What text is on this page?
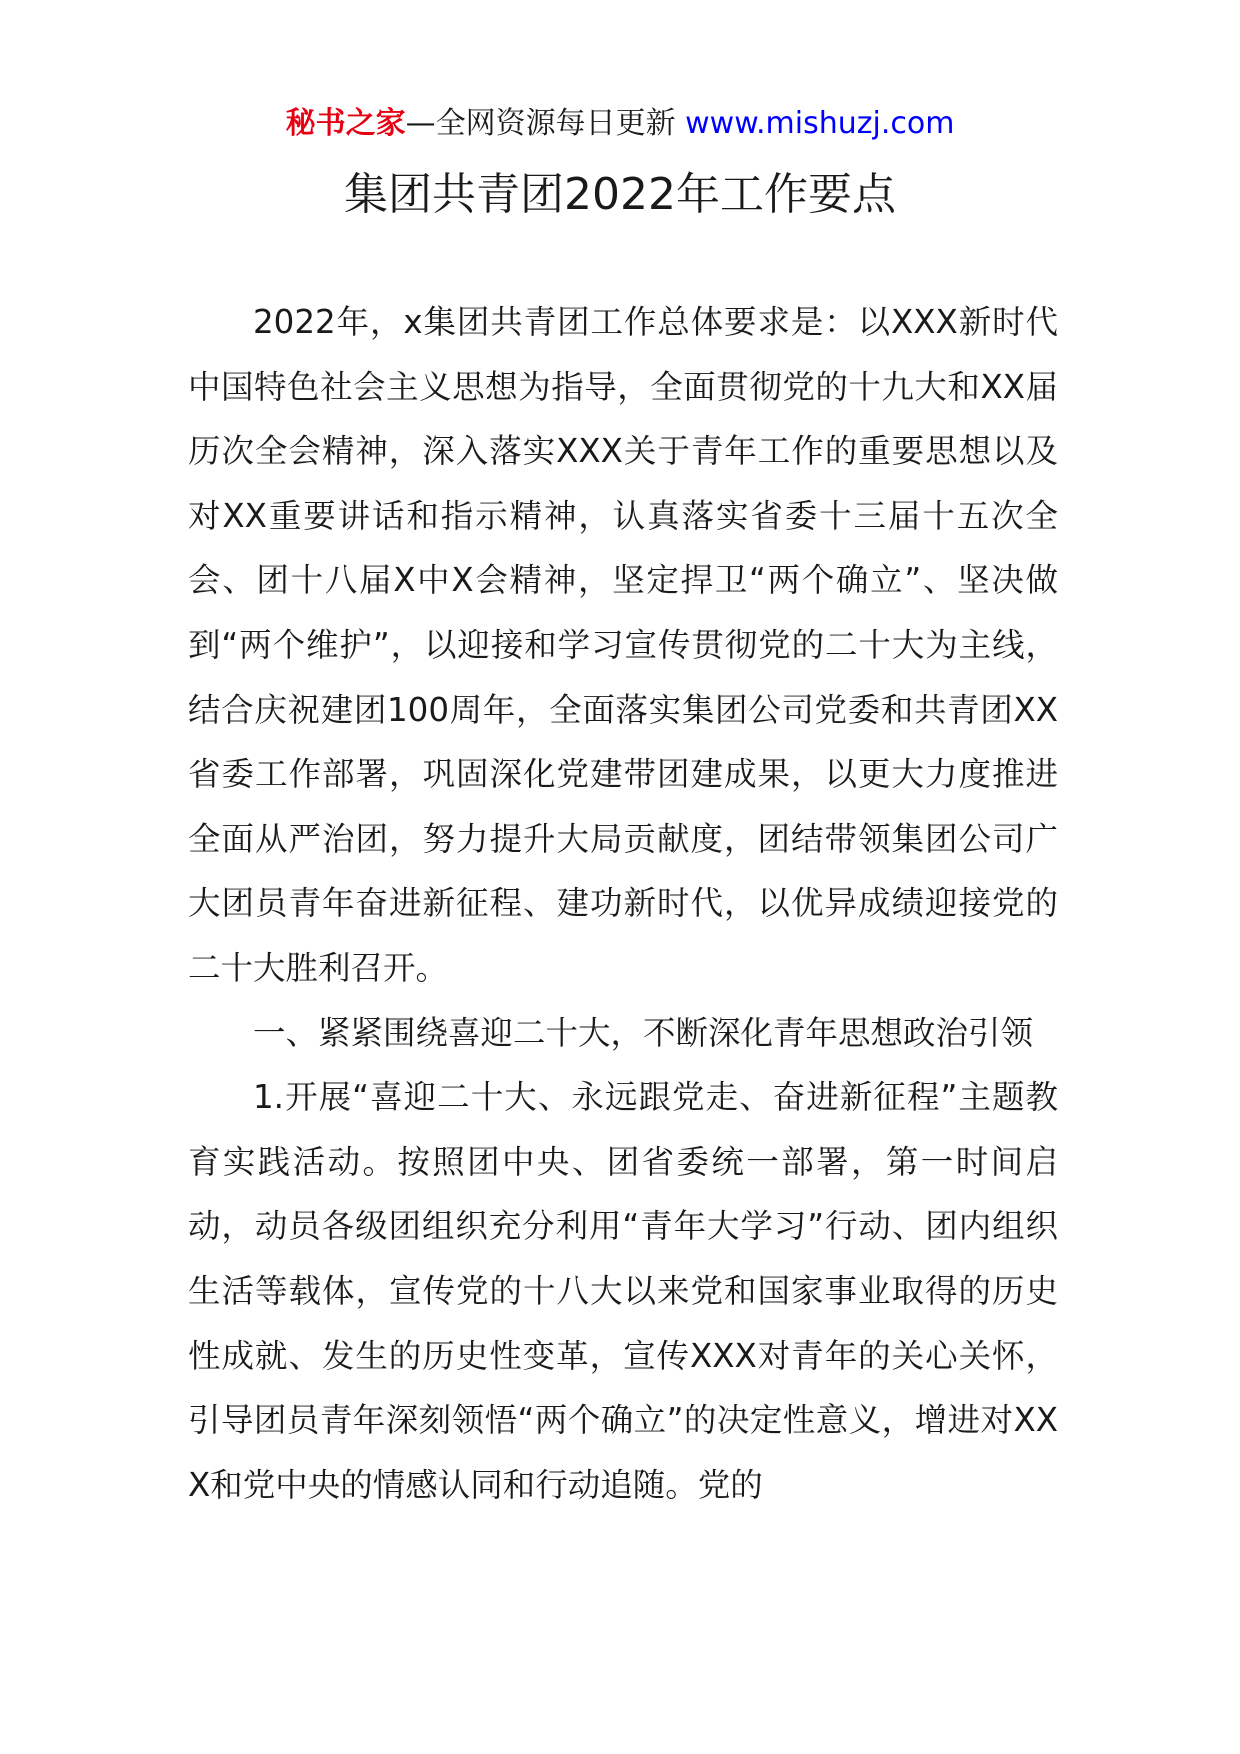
秘书之家—全网资源每日更新 www.mishuzj.com
集团共青团2022年工作要点

2022年，x集团共青团工作总体要求是：以XXX新时代中国特色社会主义思想为指导，全面贯彻党的十九大和XX届历次全会精神，深入落实XXX关于青年工作的重要思想以及对XX重要讲话和指示精神，认真落实省委十三届十五次全会、团十八届X中X会精神，坚定捍卫“两个确立”、坚决做到“两个维护”，以迎接和学习宣传贯彻党的二十大为主线，结合庆祝建团100周年，全面落实集团公司党委和共青团XX省委工作部署，巩固深化党建带团建成果，以更大力度推进全面从严治团，努力提升大局贡献度，团结带领集团公司广大团员青年奋进新征程、建功新时代，以优异成绩迎接党的二十大胜利召开。

一、紧紧围绕喜迎二十大，不断深化青年思想政治引领

1.开展“喜迎二十大、永远跟党走、奋进新征程”主题教育实践活动。按照团中央、团省委统一部署，第一时间启动，动员各级团组织充分利用“青年大学习”行动、团内组织生活等载体，宣传党的十八大以来党和国家事业取得的历史性成就、发生的历史性变革，宣传XXX对青年的关心关怀，引导团员青年深刻领悟“两个确立”的决定性意义，增进对XXX和党中央的情感认同和行动追随。党的
